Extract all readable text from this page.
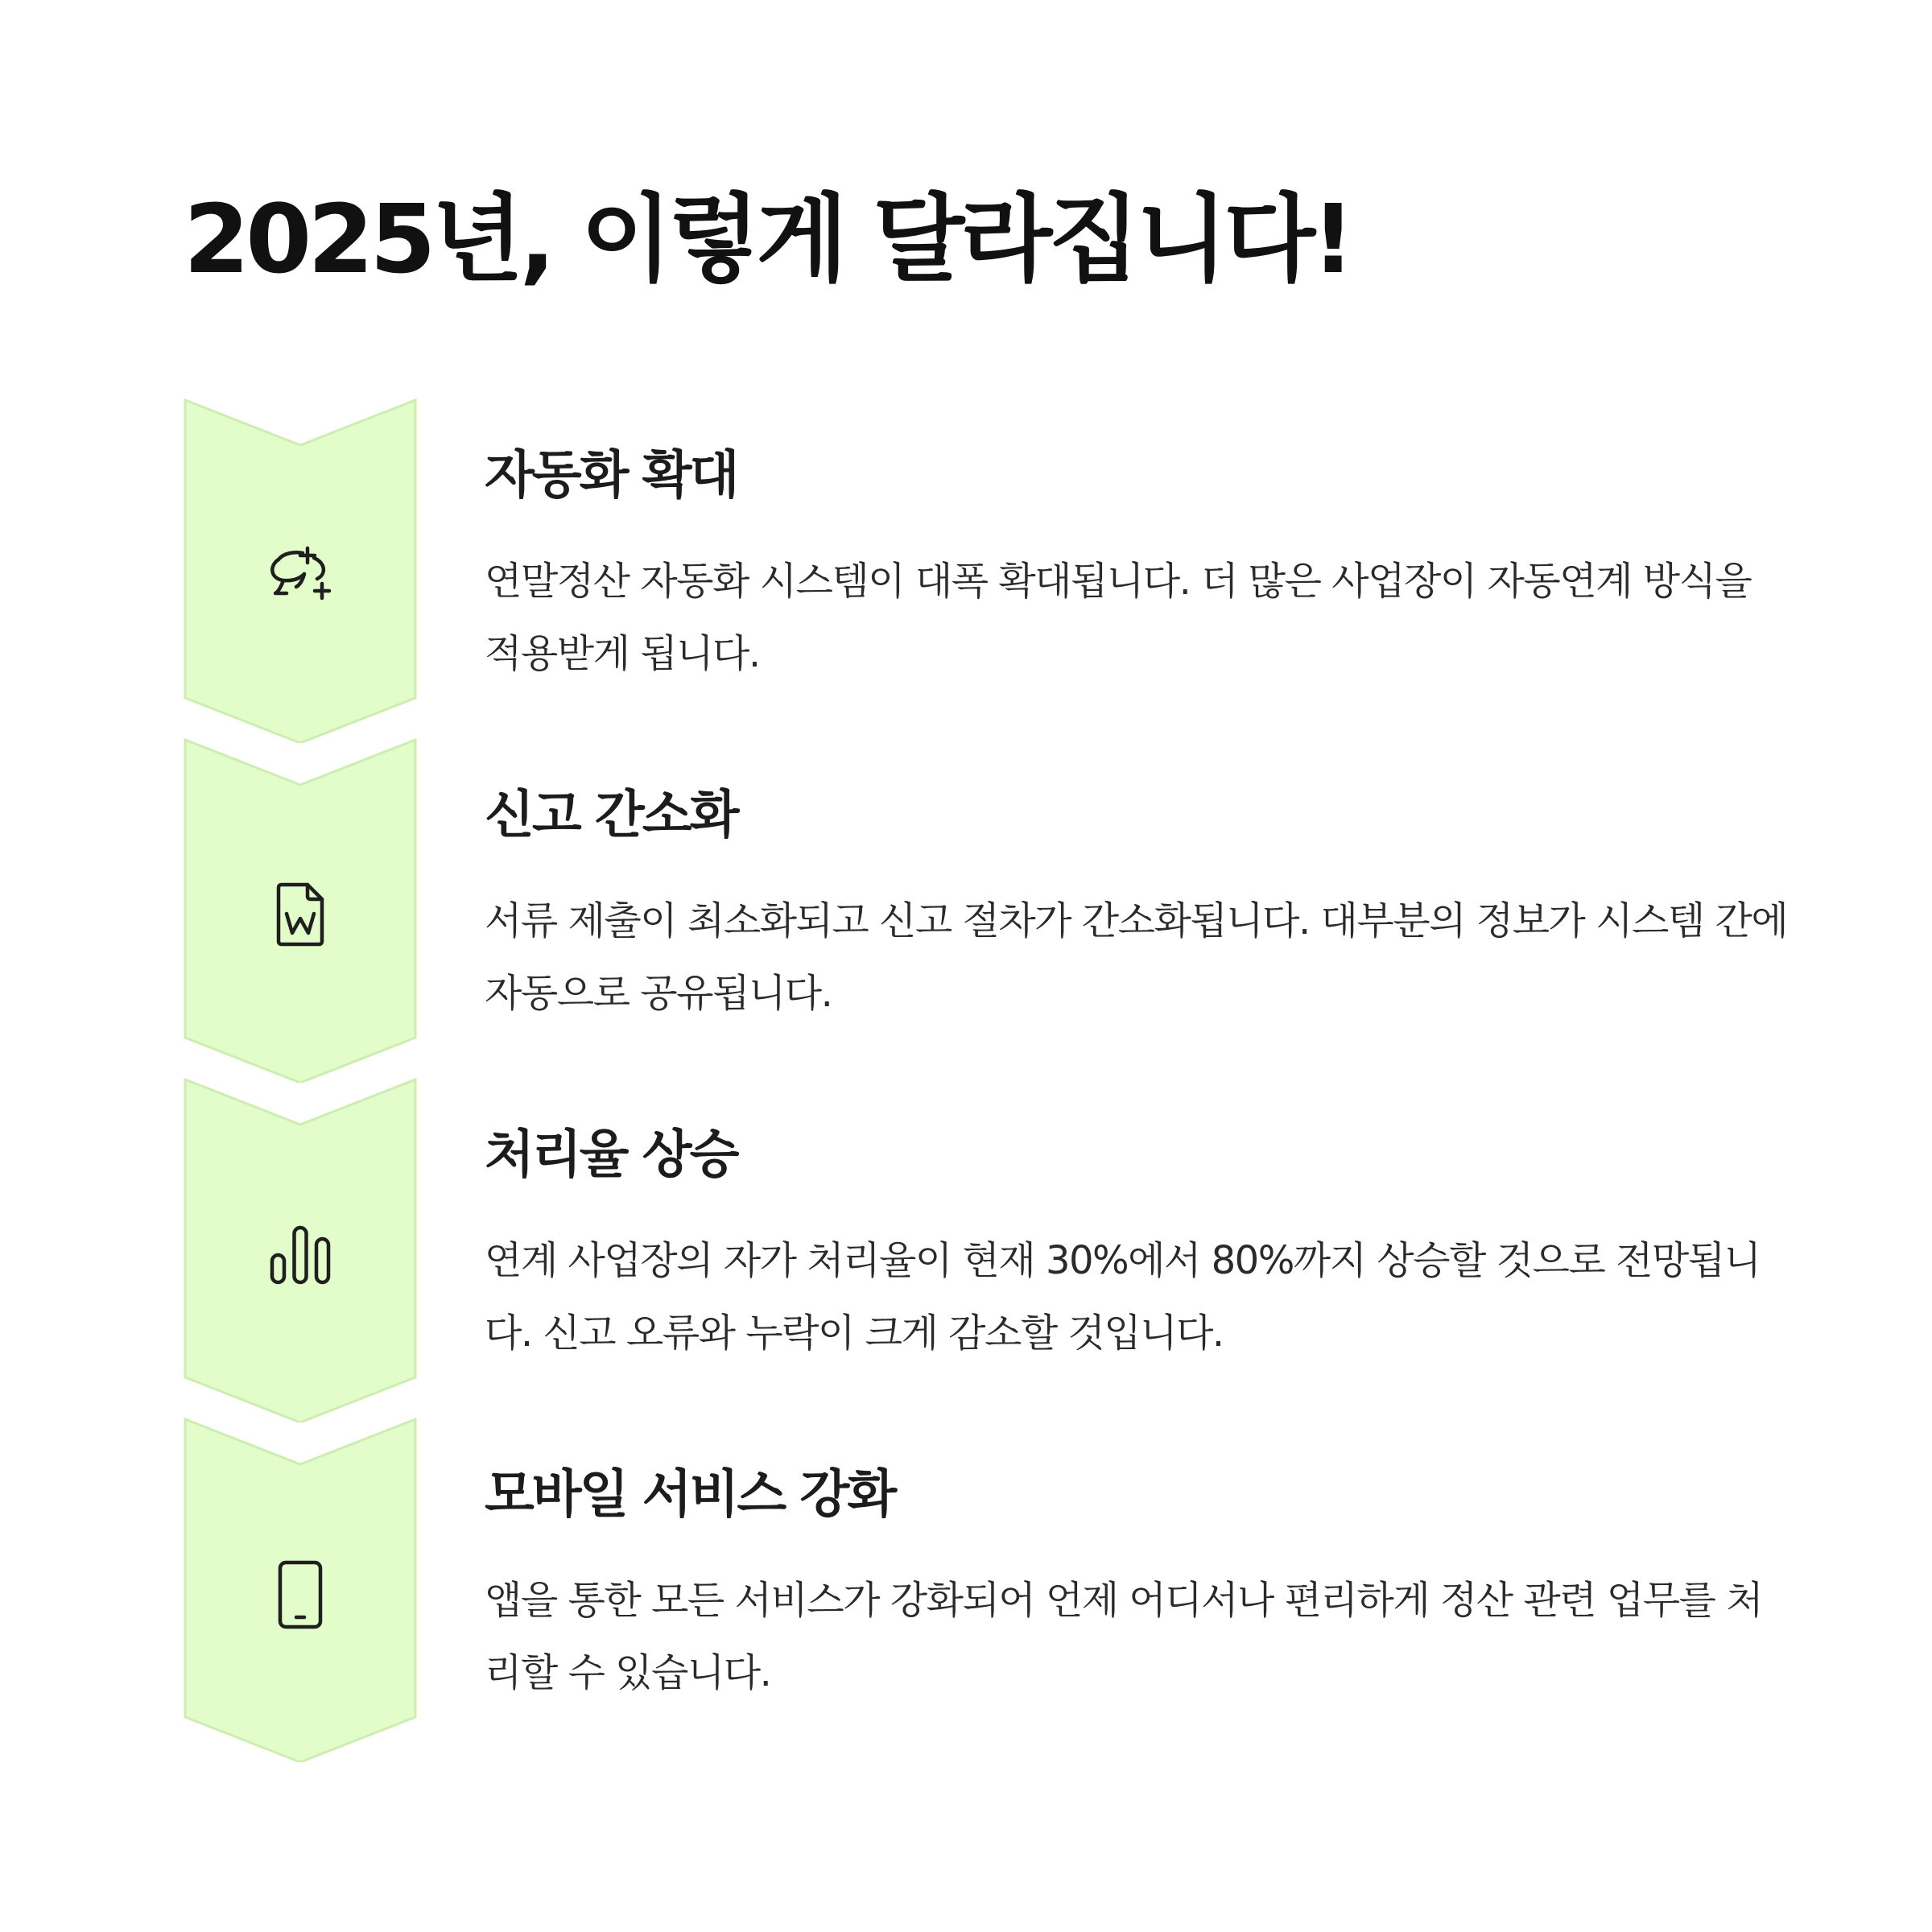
2025년, 이렇게 달라집니다!
자동화 확대

연말정산 자동화 시스템이 대폭 확대됩니다. 더 많은 사업장이 자동연계 방식을 적용받게 됩니다.

신고 간소화

서류 제출이 최소화되고 신고 절차가 간소화됩니다. 대부분의 정보가 시스템 간에 자동으로 공유됩니다.

처리율 상승

연계 사업장의 자가 처리율이 현재 30%에서 80%까지 상승할 것으로 전망됩니다. 신고 오류와 누락이 크게 감소할 것입니다.

모바일 서비스 강화

앱을 통한 모든 서비스가 강화되어 언제 어디서나 편리하게 정산 관련 업무를 처리할 수 있습니다.
